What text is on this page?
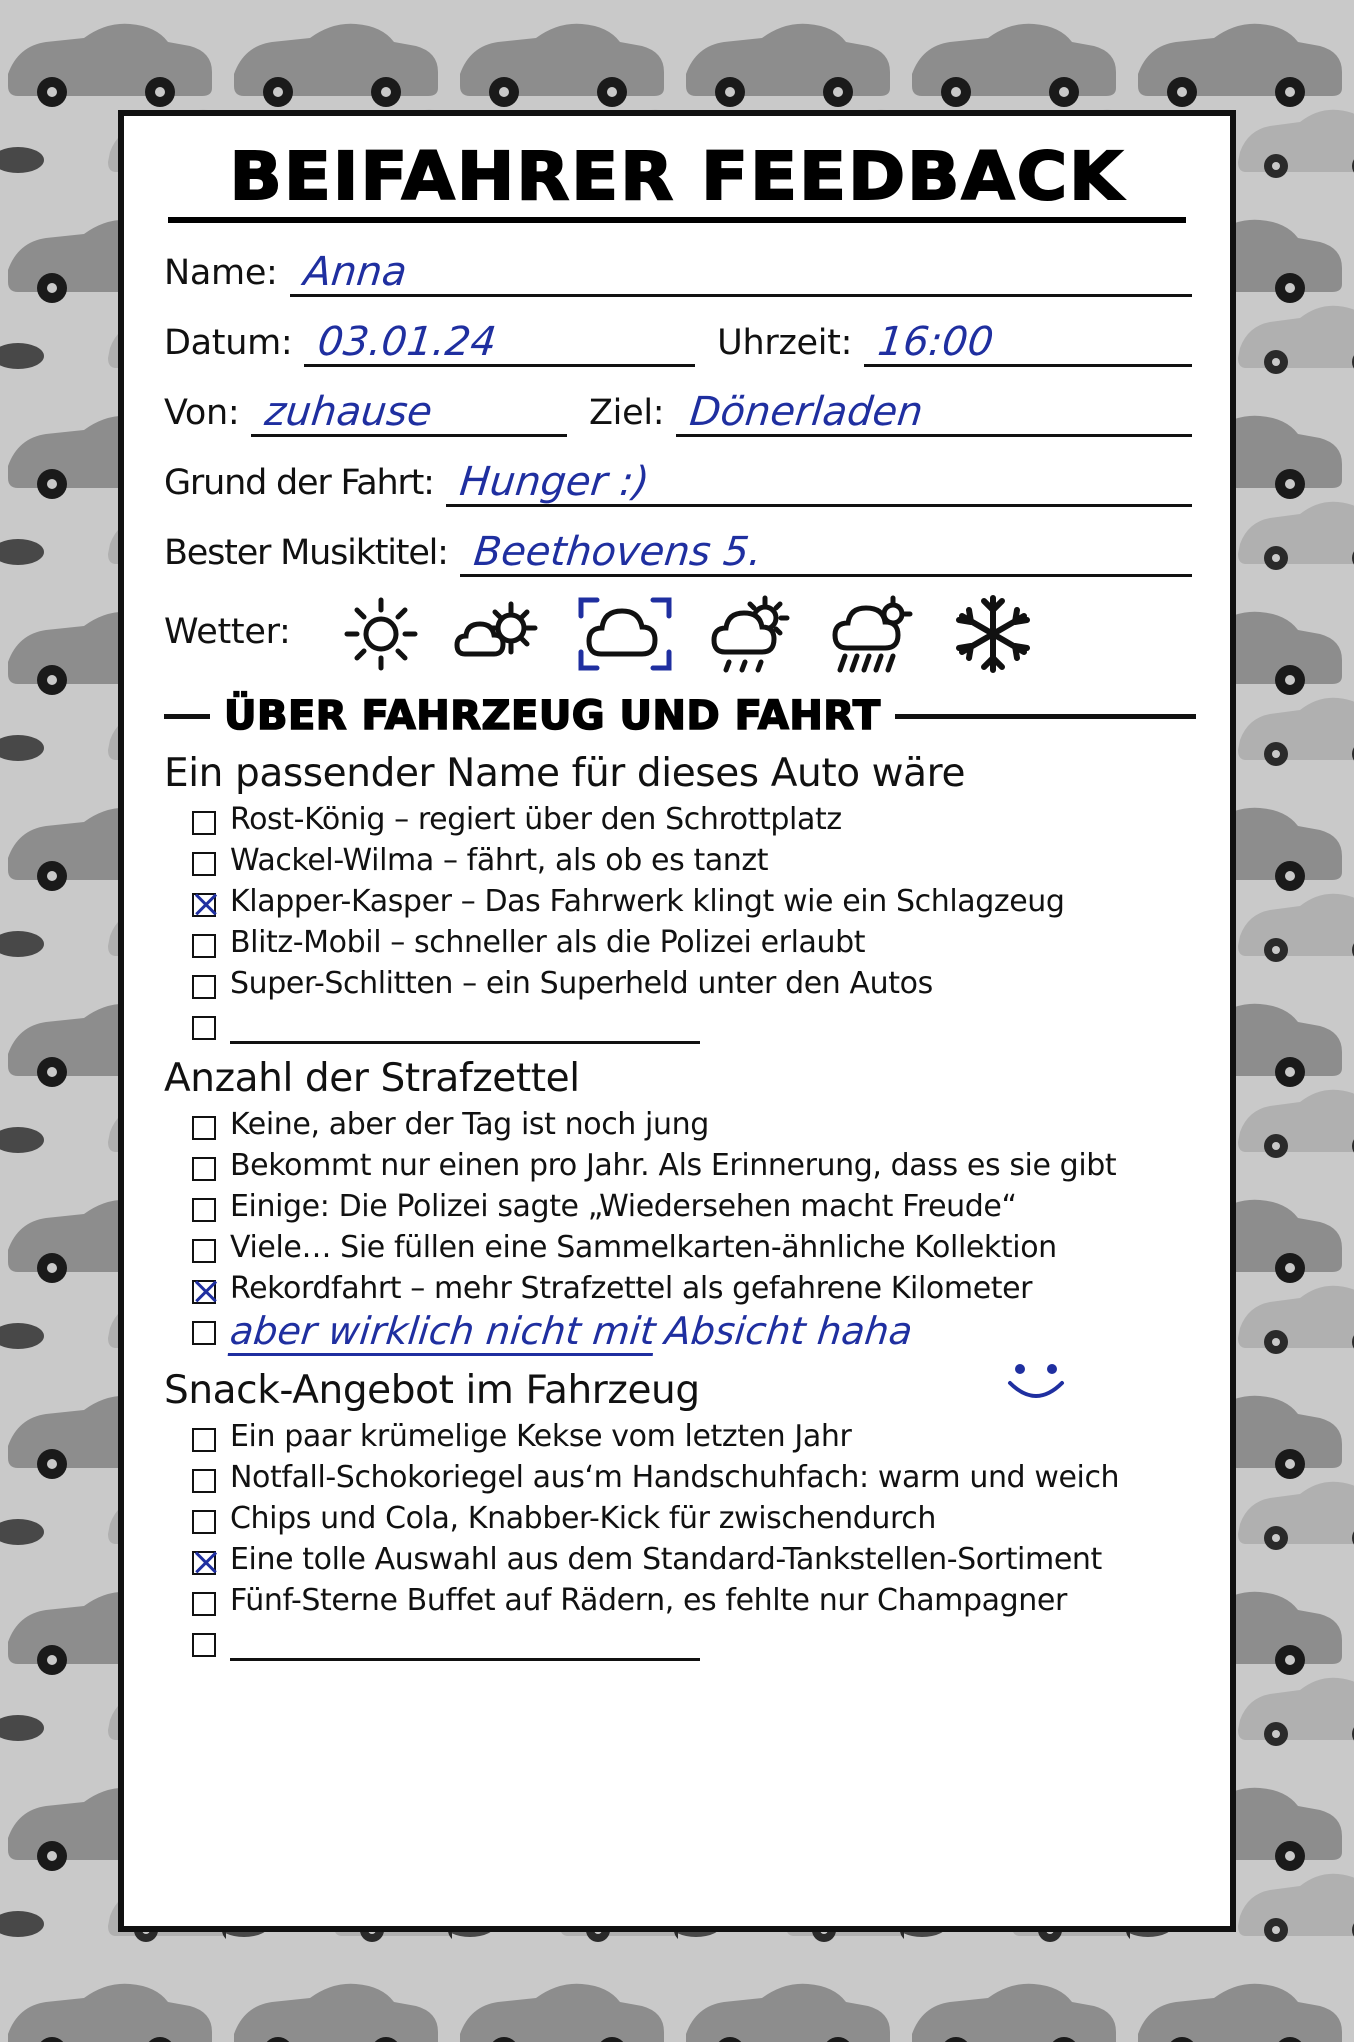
BEIFAHRER FEEDBACK
Name: Anna
Datum: 03.01.24	Uhrzeit: 16:00
Von: zuhause	Ziel: Dönerladen
Grund der Fahrt: Hunger :)
Bester Musiktitel: Beethovens 5.
Wetter:
ÜBER FAHRZEUG UND FAHRT
Ein passender Name für dieses Auto wäre
Rost-König – regiert über den Schrottplatz
Wackel-Wilma – fährt, als ob es tanzt
Klapper-Kasper – Das Fahrwerk klingt wie ein Schlagzeug
Blitz-Mobil – schneller als die Polizei erlaubt
Super-Schlitten – ein Superheld unter den Autos
Anzahl der Strafzettel
Keine, aber der Tag ist noch jung
Bekommt nur einen pro Jahr. Als Erinnerung, dass es sie gibt
Einige: Die Polizei sagte „Wiedersehen macht Freude“
Viele… Sie füllen eine Sammelkarten-ähnliche Kollektion
Rekordfahrt – mehr Strafzettel als gefahrene Kilometer
aber wirklich nicht mit Absicht haha
Snack-Angebot im Fahrzeug
Ein paar krümelige Kekse vom letzten Jahr
Notfall-Schokoriegel aus‘m Handschuhfach: warm und weich
Chips und Cola, Knabber-Kick für zwischendurch
Eine tolle Auswahl aus dem Standard-Tankstellen-Sortiment
Fünf-Sterne Buffet auf Rädern, es fehlte nur Champagner
